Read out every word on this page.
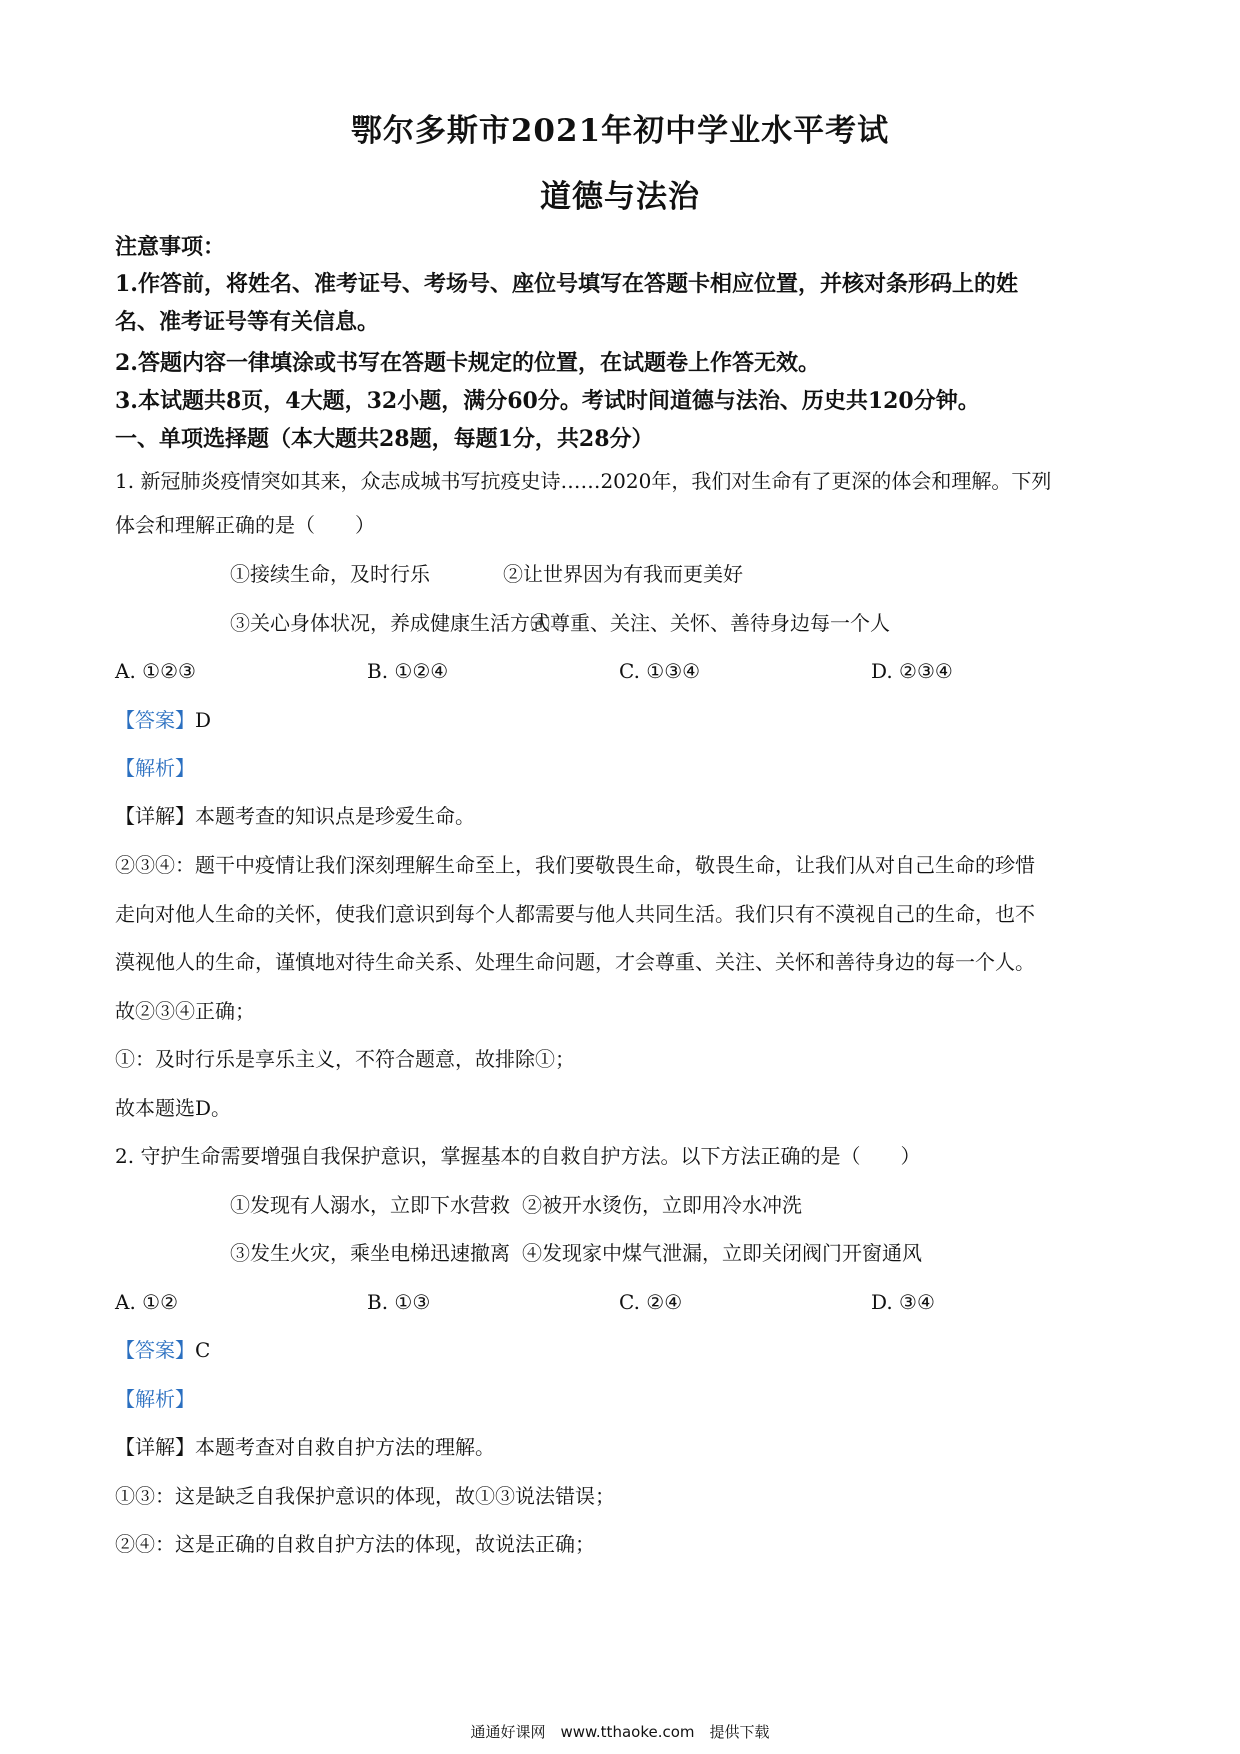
鄂尔多斯市2021年初中学业水平考试
道德与法治
注意事项：
1.作答前，将姓名、准考证号、考场号、座位号填写在答题卡相应位置，并核对条形码上的姓
名、准考证号等有关信息。
2.答题内容一律填涂或书写在答题卡规定的位置，在试题卷上作答无效。
3.本试题共8页，4大题，32小题，满分60分。考试时间道德与法治、历史共120分钟。
一、单项选择题（本大题共28题，每题1分，共28分）
1. 新冠肺炎疫情突如其来，众志成城书写抗疫史诗……2020年，我们对生命有了更深的体会和理解。下列
体会和理解正确的是（　　）
①接续生命，及时行乐	②让世界因为有我而更美好
③关心身体状况，养成健康生活方式
④尊重、关注、关怀、善待身边每一个人
A. ①②③	B. ①②④	C. ①③④	D. ②③④
【答案】D
【解析】
【详解】本题考查的知识点是珍爱生命。
②③④：题干中疫情让我们深刻理解生命至上，我们要敬畏生命，敬畏生命，让我们从对自己生命的珍惜
走向对他人生命的关怀，使我们意识到每个人都需要与他人共同生活。我们只有不漠视自己的生命，也不
漠视他人的生命，谨慎地对待生命关系、处理生命问题，才会尊重、关注、关怀和善待身边的每一个人。
故②③④正确；
①：及时行乐是享乐主义，不符合题意，故排除①；
故本题选D。
2. 守护生命需要增强自我保护意识，掌握基本的自救自护方法。以下方法正确的是（　　）
①发现有人溺水，立即下水营救 ②被开水烫伤，立即用冷水冲洗
③发生火灾，乘坐电梯迅速撤离 ④发现家中煤气泄漏，立即关闭阀门开窗通风
A. ①②	B. ①③	C. ②④	D. ③④
【答案】C
【解析】
【详解】本题考查对自救自护方法的理解。
①③：这是缺乏自我保护意识的体现，故①③说法错误；
②④：这是正确的自救自护方法的体现，故说法正确；
通通好课网　www.tthaoke.com　提供下载
